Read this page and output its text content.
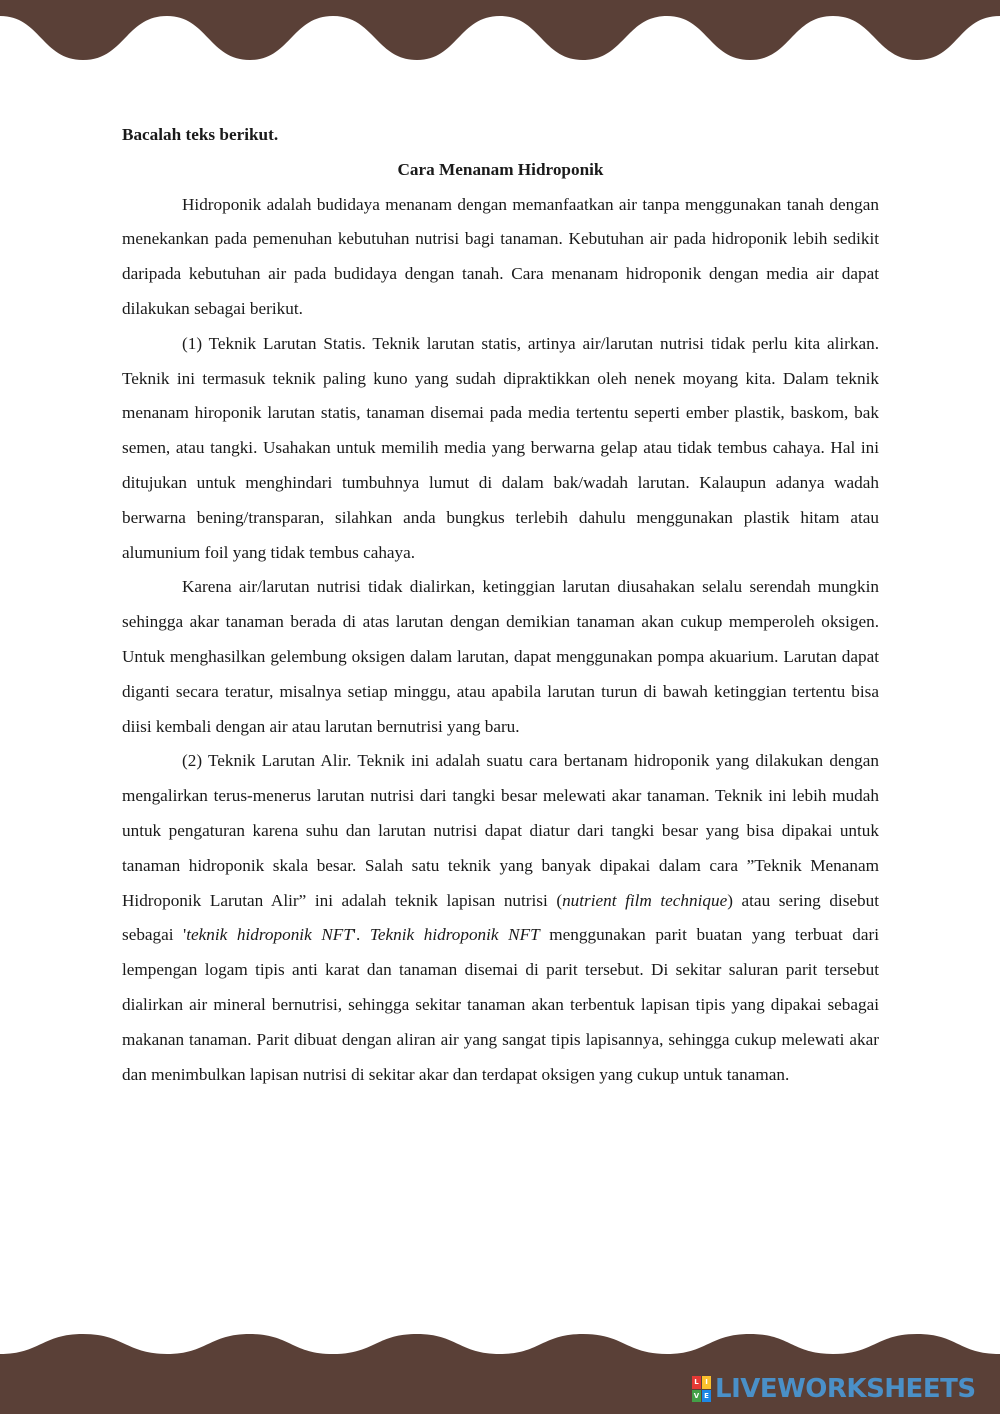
Bacalah teks berikut.

Cara Menanam Hidroponik

Hidroponik adalah budidaya menanam dengan memanfaatkan air tanpa menggunakan tanah dengan menekankan pada pemenuhan kebutuhan nutrisi bagi tanaman. Kebutuhan air pada hidroponik lebih sedikit daripada kebutuhan air pada budidaya dengan tanah. Cara menanam hidroponik dengan media air dapat dilakukan sebagai berikut.

(1) Teknik Larutan Statis. Teknik larutan statis, artinya air/larutan nutrisi tidak perlu kita alirkan. Teknik ini termasuk teknik paling kuno yang sudah dipraktikkan oleh nenek moyang kita. Dalam teknik menanam hiroponik larutan statis, tanaman disemai pada media tertentu seperti ember plastik, baskom, bak semen, atau tangki. Usahakan untuk memilih media yang berwarna gelap atau tidak tembus cahaya. Hal ini ditujukan untuk menghindari tumbuhnya lumut di dalam bak/wadah larutan. Kalaupun adanya wadah berwarna bening/transparan, silahkan anda bungkus terlebih dahulu menggunakan plastik hitam atau alumunium foil yang tidak tembus cahaya.

Karena air/larutan nutrisi tidak dialirkan, ketinggian larutan diusahakan selalu serendah mungkin sehingga akar tanaman berada di atas larutan dengan demikian tanaman akan cukup memperoleh oksigen. Untuk menghasilkan gelembung oksigen dalam larutan, dapat menggunakan pompa akuarium. Larutan dapat diganti secara teratur, misalnya setiap minggu, atau apabila larutan turun di bawah ketinggian tertentu bisa diisi kembali dengan air atau larutan bernutrisi yang baru.

(2) Teknik Larutan Alir. Teknik ini adalah suatu cara bertanam hidroponik yang dilakukan dengan mengalirkan terus-menerus larutan nutrisi dari tangki besar melewati akar tanaman. Teknik ini lebih mudah untuk pengaturan karena suhu dan larutan nutrisi dapat diatur dari tangki besar yang bisa dipakai untuk tanaman hidroponik skala besar. Salah satu teknik yang banyak dipakai dalam cara ”Teknik Menanam Hidroponik Larutan Alir” ini adalah teknik lapisan nutrisi (nutrient film technique) atau sering disebut sebagai 'teknik hidroponik NFT'. Teknik hidroponik NFT menggunakan parit buatan yang terbuat dari lempengan logam tipis anti karat dan tanaman disemai di parit tersebut. Di sekitar saluran parit tersebut dialirkan air mineral bernutrisi, sehingga sekitar tanaman akan terbentuk lapisan tipis yang dipakai sebagai makanan tanaman. Parit dibuat dengan aliran air yang sangat tipis lapisannya, sehingga cukup melewati akar dan menimbulkan lapisan nutrisi di sekitar akar dan terdapat oksigen yang cukup untuk tanaman.

L I
V E LIVEWORKSHEETS
